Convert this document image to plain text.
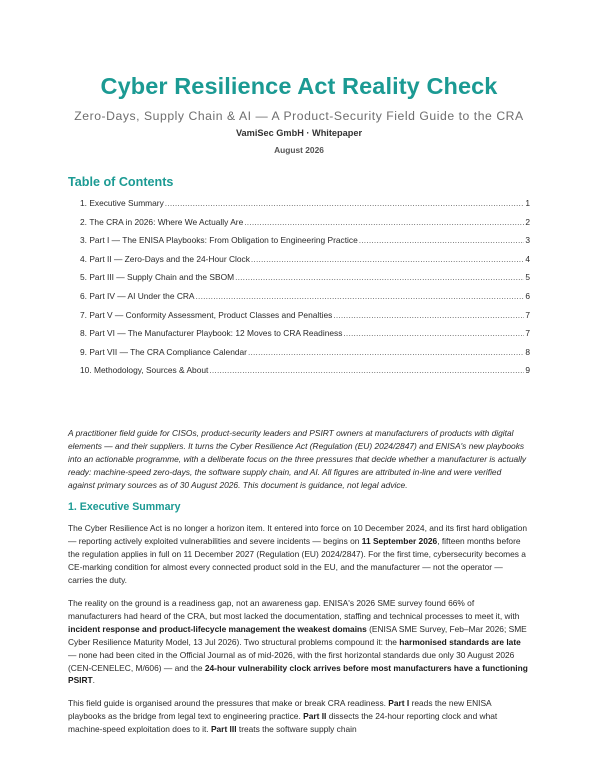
Cyber Resilience Act Reality Check
Zero-Days, Supply Chain & AI — A Product-Security Field Guide to the CRA
VamiSec GmbH · Whitepaper
August 2026
Table of Contents
1. Executive Summary .....	1
2. The CRA in 2026: Where We Actually Are .....	2
3. Part I — The ENISA Playbooks: From Obligation to Engineering Practice .....	3
4. Part II — Zero-Days and the 24-Hour Clock .....	4
5. Part III — Supply Chain and the SBOM .....	5
6. Part IV — AI Under the CRA .....	6
7. Part V — Conformity Assessment, Product Classes and Penalties .....	7
8. Part VI — The Manufacturer Playbook: 12 Moves to CRA Readiness .....	7
9. Part VII — The CRA Compliance Calendar .....	8
10. Methodology, Sources & About .....	9

A practitioner field guide for CISOs, product-security leaders and PSIRT owners at manufacturers of products with digital elements — and their suppliers. It turns the Cyber Resilience Act (Regulation (EU) 2024/2847) and ENISA's new playbooks into an actionable programme, with a deliberate focus on the three pressures that decide whether a manufacturer is actually ready: machine-speed zero-days, the software supply chain, and AI. All figures are attributed in-line and were verified against primary sources as of 30 August 2026. This document is guidance, not legal advice.

1. Executive Summary

The Cyber Resilience Act is no longer a horizon item. It entered into force on 10 December 2024, and its first hard obligation — reporting actively exploited vulnerabilities and severe incidents — begins on 11 September 2026, fifteen months before the regulation applies in full on 11 December 2027 (Regulation (EU) 2024/2847). For the first time, cybersecurity becomes a CE-marking condition for almost every connected product sold in the EU, and the manufacturer — not the operator — carries the duty.

The reality on the ground is a readiness gap, not an awareness gap. ENISA's 2026 SME survey found 66% of manufacturers had heard of the CRA, but most lacked the documentation, staffing and technical processes to meet it, with incident response and product-lifecycle management the weakest domains (ENISA SME Survey, Feb–Mar 2026; SME Cyber Resilience Maturity Model, 13 Jul 2026). Two structural problems compound it: the harmonised standards are late — none had been cited in the Official Journal as of mid-2026, with the first horizontal standards due only 30 August 2026 (CEN-CENELEC, M/606) — and the 24-hour vulnerability clock arrives before most manufacturers have a functioning PSIRT.

This field guide is organised around the pressures that make or break CRA readiness. Part I reads the new ENISA playbooks as the bridge from legal text to engineering practice. Part II dissects the 24-hour reporting clock and what machine-speed exploitation does to it. Part III treats the software supply chain
